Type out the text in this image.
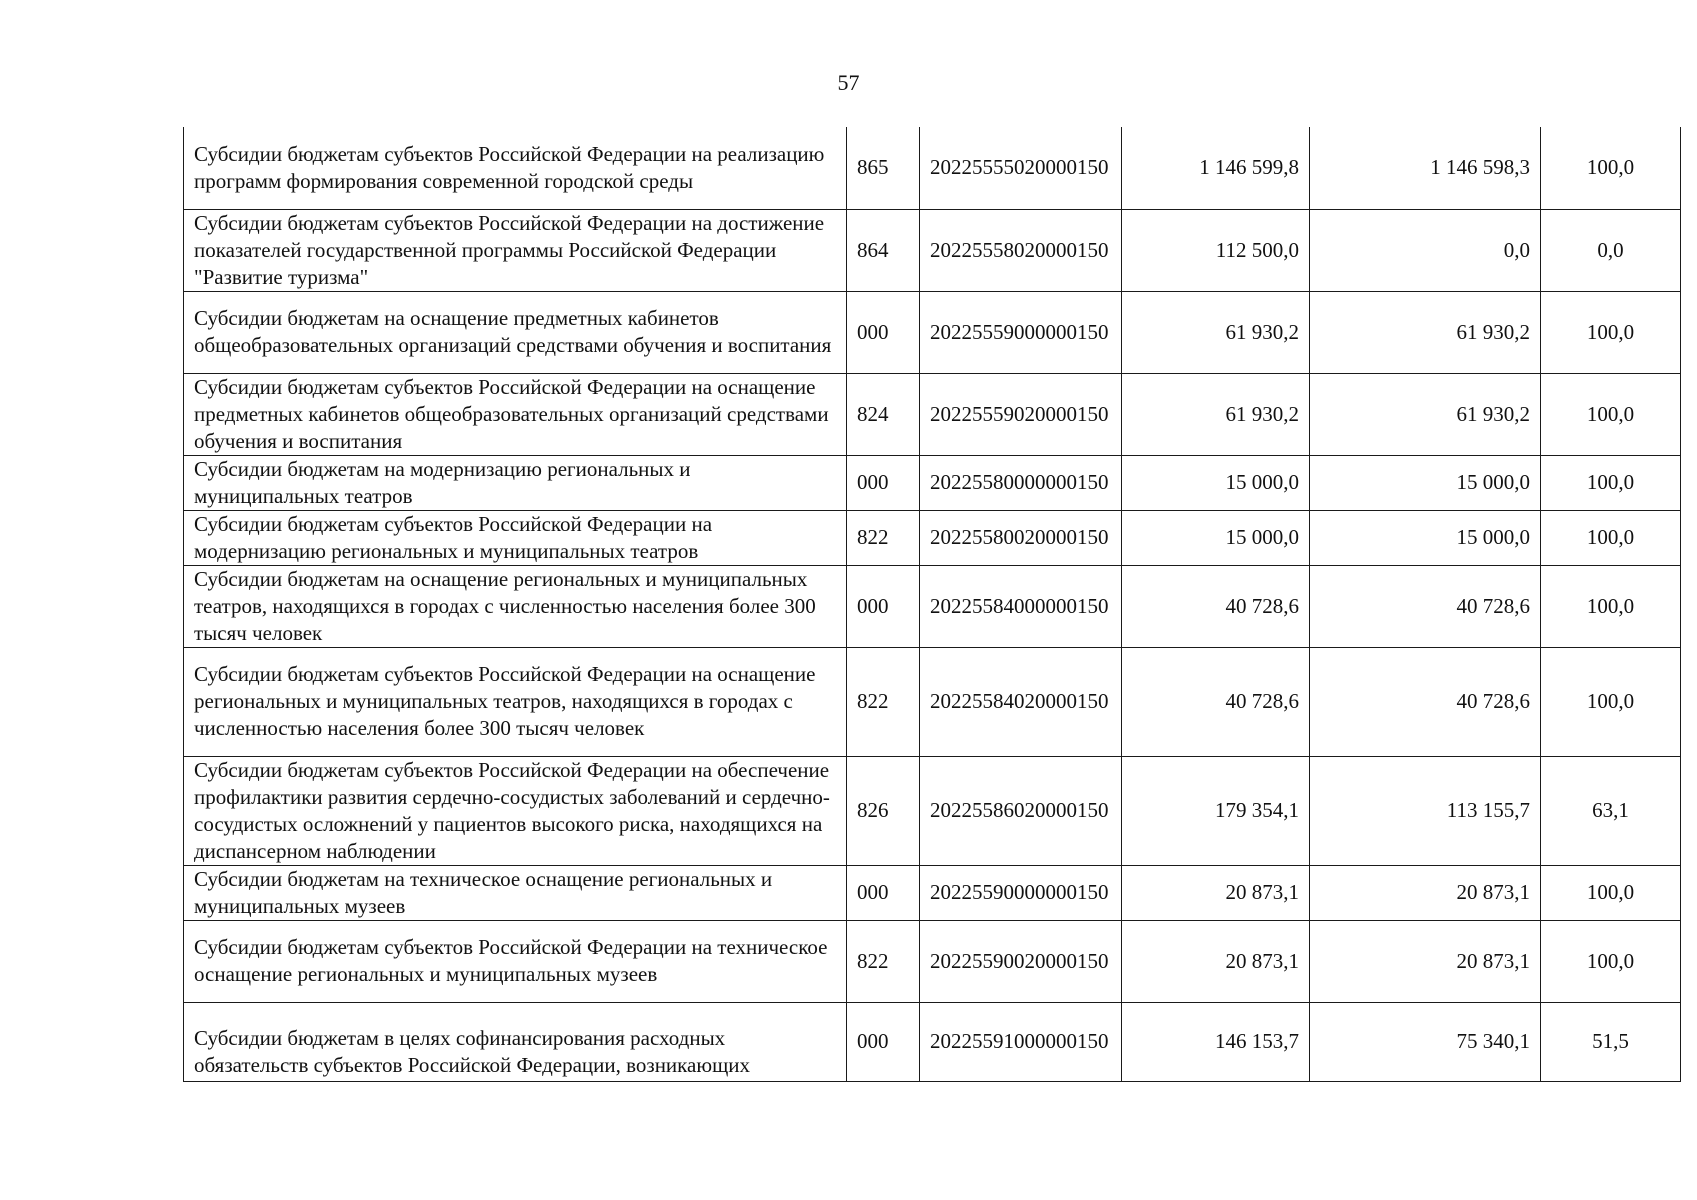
57
Субсидии бюджетам субъектов Российской Федерации на реализацию программ формирования современной городской среды	865	20225555020000150	1 146 599,8	1 146 598,3	100,0
Субсидии бюджетам субъектов Российской Федерации на достижение показателей государственной программы Российской Федерации "Развитие туризма"	864	20225558020000150	112 500,0	0,0	0,0
Субсидии бюджетам на оснащение предметных кабинетов общеобразовательных организаций средствами обучения и воспитания	000	20225559000000150	61 930,2	61 930,2	100,0
Субсидии бюджетам субъектов Российской Федерации на оснащение предметных кабинетов общеобразовательных организаций средствами обучения и воспитания	824	20225559020000150	61 930,2	61 930,2	100,0
Субсидии бюджетам на модернизацию региональных и муниципальных театров	000	20225580000000150	15 000,0	15 000,0	100,0
Субсидии бюджетам субъектов Российской Федерации на модернизацию региональных и муниципальных театров	822	20225580020000150	15 000,0	15 000,0	100,0
Субсидии бюджетам на оснащение региональных и муниципальных театров, находящихся в городах с численностью населения более 300 тысяч человек	000	20225584000000150	40 728,6	40 728,6	100,0
Субсидии бюджетам субъектов Российской Федерации на оснащение региональных и муниципальных театров, находящихся в городах с численностью населения более 300 тысяч человек	822	20225584020000150	40 728,6	40 728,6	100,0
Субсидии бюджетам субъектов Российской Федерации на обеспечение профилактики развития сердечно-сосудистых заболеваний и сердечно-сосудистых осложнений у пациентов высокого риска, находящихся на диспансерном наблюдении	826	20225586020000150	179 354,1	113 155,7	63,1
Субсидии бюджетам на техническое оснащение региональных и муниципальных музеев	000	20225590000000150	20 873,1	20 873,1	100,0
Субсидии бюджетам субъектов Российской Федерации на техническое оснащение региональных и муниципальных музеев	822	20225590020000150	20 873,1	20 873,1	100,0
Субсидии бюджетам в целях софинансирования расходных обязательств субъектов Российской Федерации, возникающих	000	20225591000000150	146 153,7	75 340,1	51,5
